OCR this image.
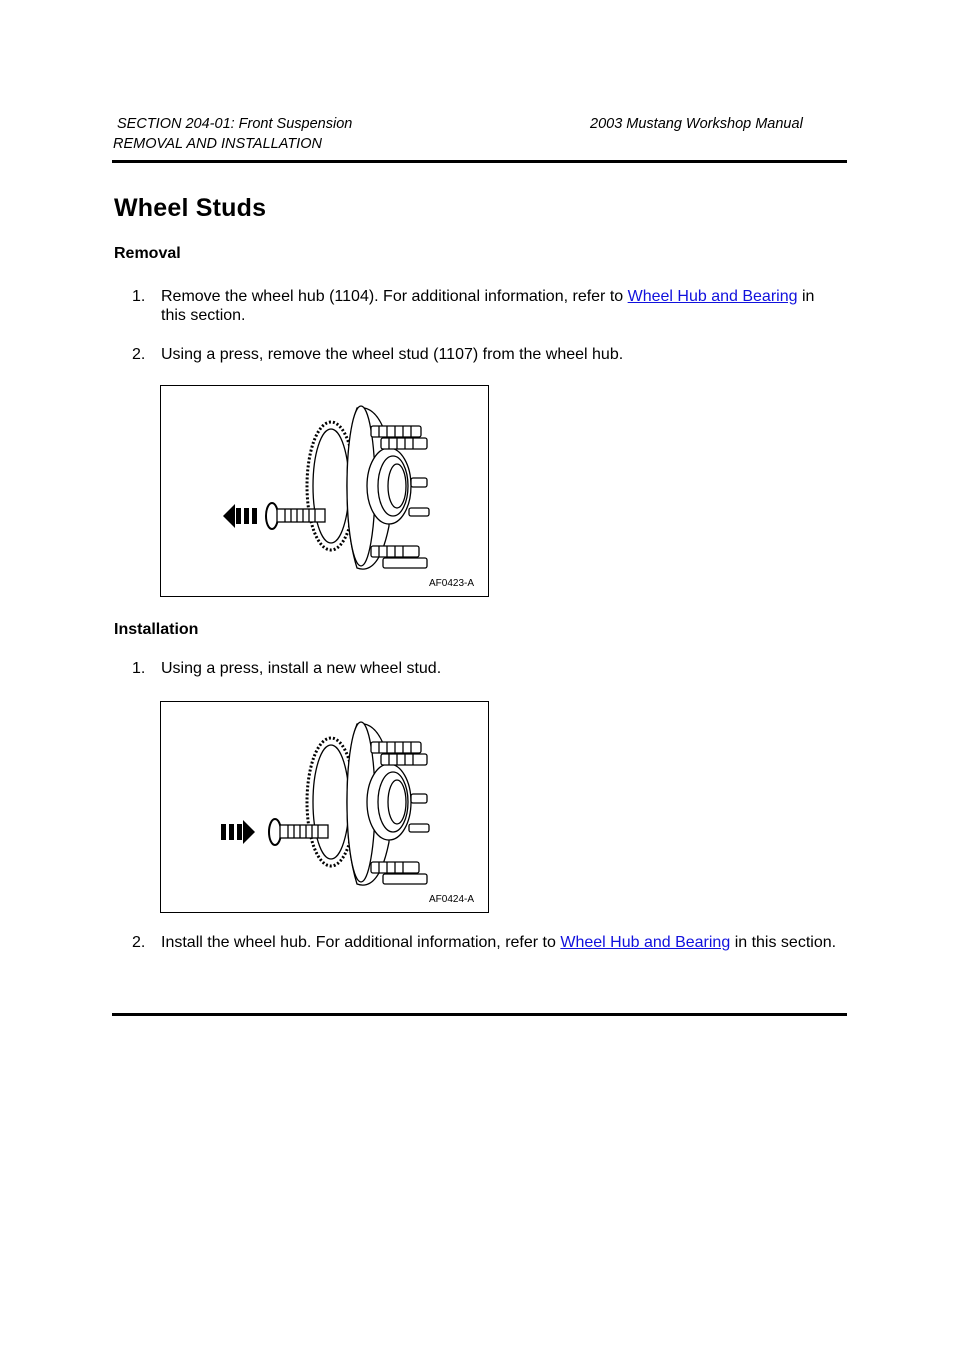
SECTION 204-01: Front Suspension	2003 Mustang Workshop Manual
REMOVAL AND INSTALLATION
Wheel Studs
Removal
1. Remove the wheel hub (1104). For additional information, refer to Wheel Hub and Bearing in
this section.
2. Using a press, remove the wheel stud (1107) from the wheel hub.
AF0423-A
Installation
1. Using a press, install a new wheel stud.
AF0424-A
2. Install the wheel hub. For additional information, refer to Wheel Hub and Bearing in this section.
